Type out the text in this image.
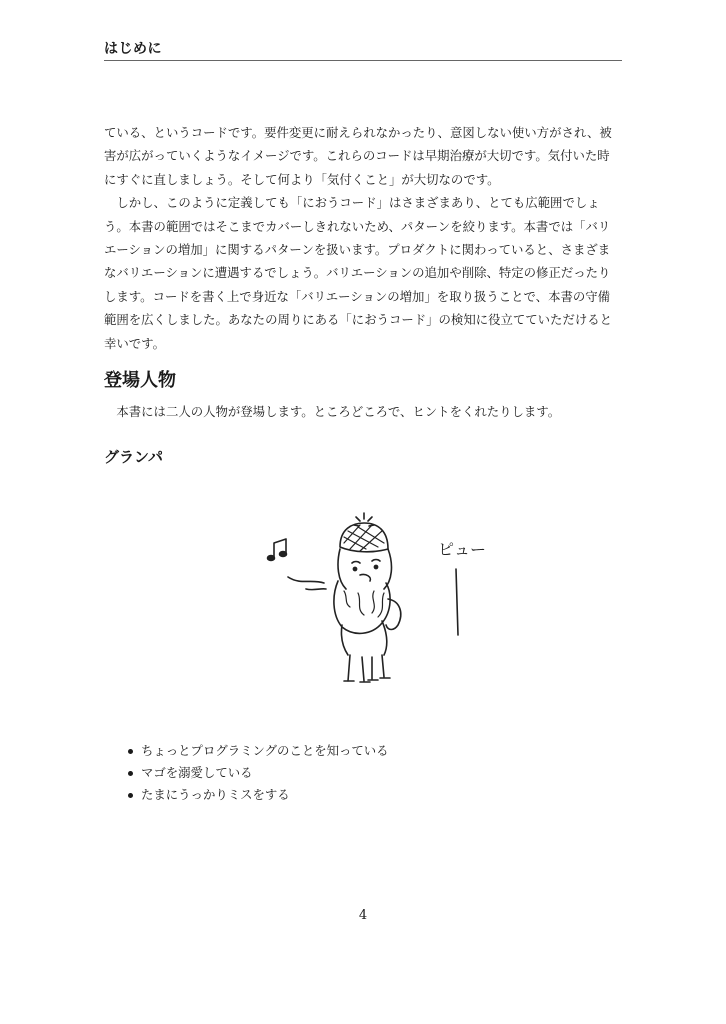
はじめに

ている、というコードです。要件変更に耐えられなかったり、意図しない使い方がされ、被害が広がっていくようなイメージです。これらのコードは早期治療が大切です。気付いた時にすぐに直しましょう。そして何より「気付くこと」が大切なのです。

しかし、このように定義しても「におうコード」はさまざまあり、とても広範囲でしょう。本書の範囲ではそこまでカバーしきれないため、パターンを絞ります。本書では「バリエーションの増加」に関するパターンを扱います。プロダクトに関わっていると、さまざまなバリエーションに遭遇するでしょう。バリエーションの追加や削除、特定の修正だったりします。コードを書く上で身近な「バリエーションの増加」を取り扱うことで、本書の守備範囲を広くしました。あなたの周りにある「におうコード」の検知に役立てていただけると幸いです。

登場人物

本書には二人の人物が登場します。ところどころで、ヒントをくれたりします。

グランパ
ピュー
ちょっとプログラミングのことを知っている
マゴを溺愛している
たまにうっかりミスをする
4
